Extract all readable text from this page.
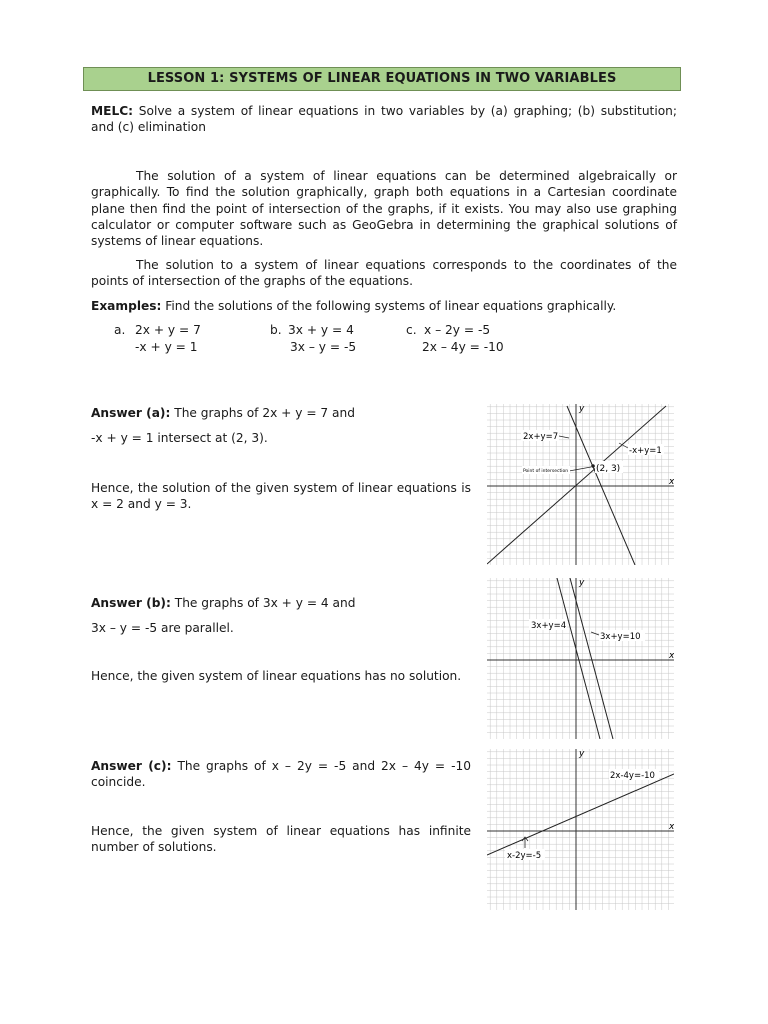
LESSON 1: SYSTEMS OF LINEAR EQUATIONS IN TWO VARIABLES

MELC: Solve a system of linear equations in two variables by (a) graphing; (b) substitution; and (c) elimination

The solution of a system of linear equations can be determined algebraically or graphically. To find the solution graphically, graph both equations in a Cartesian coordinate plane then find the point of intersection of the graphs, if it exists. You may also use graphing calculator or computer software such as GeoGebra in determining the graphical solutions of systems of linear equations.

The solution to a system of linear equations corresponds to the coordinates of the points of intersection of the graphs of the equations.

Examples: Find the solutions of the following systems of linear equations graphically.

a. 2x + y = 7
-x + y = 1
b. 3x + y = 4
3x – y = -5
c. x – 2y = -5
2x – 4y = -10

Answer (a): The graphs of 2x + y = 7 and

-x + y = 1 intersect at (2, 3).

Hence, the solution of the given system of linear equations is x = 2 and y = 3.

Answer (b): The graphs of 3x + y = 4 and

3x – y = -5 are parallel.

Hence, the given system of linear equations has no solution.

Answer (c): The graphs of x – 2y = -5 and 2x – 4y = -10 coincide.

Hence, the given system of linear equations has infinite number of solutions.

x
y
Point of intersection	(2, 3)
2x+y=7
-x+y=1
x
y
3x+y=4
3x+y=10
x
y
2x-4y=-10
x-2y=-5
